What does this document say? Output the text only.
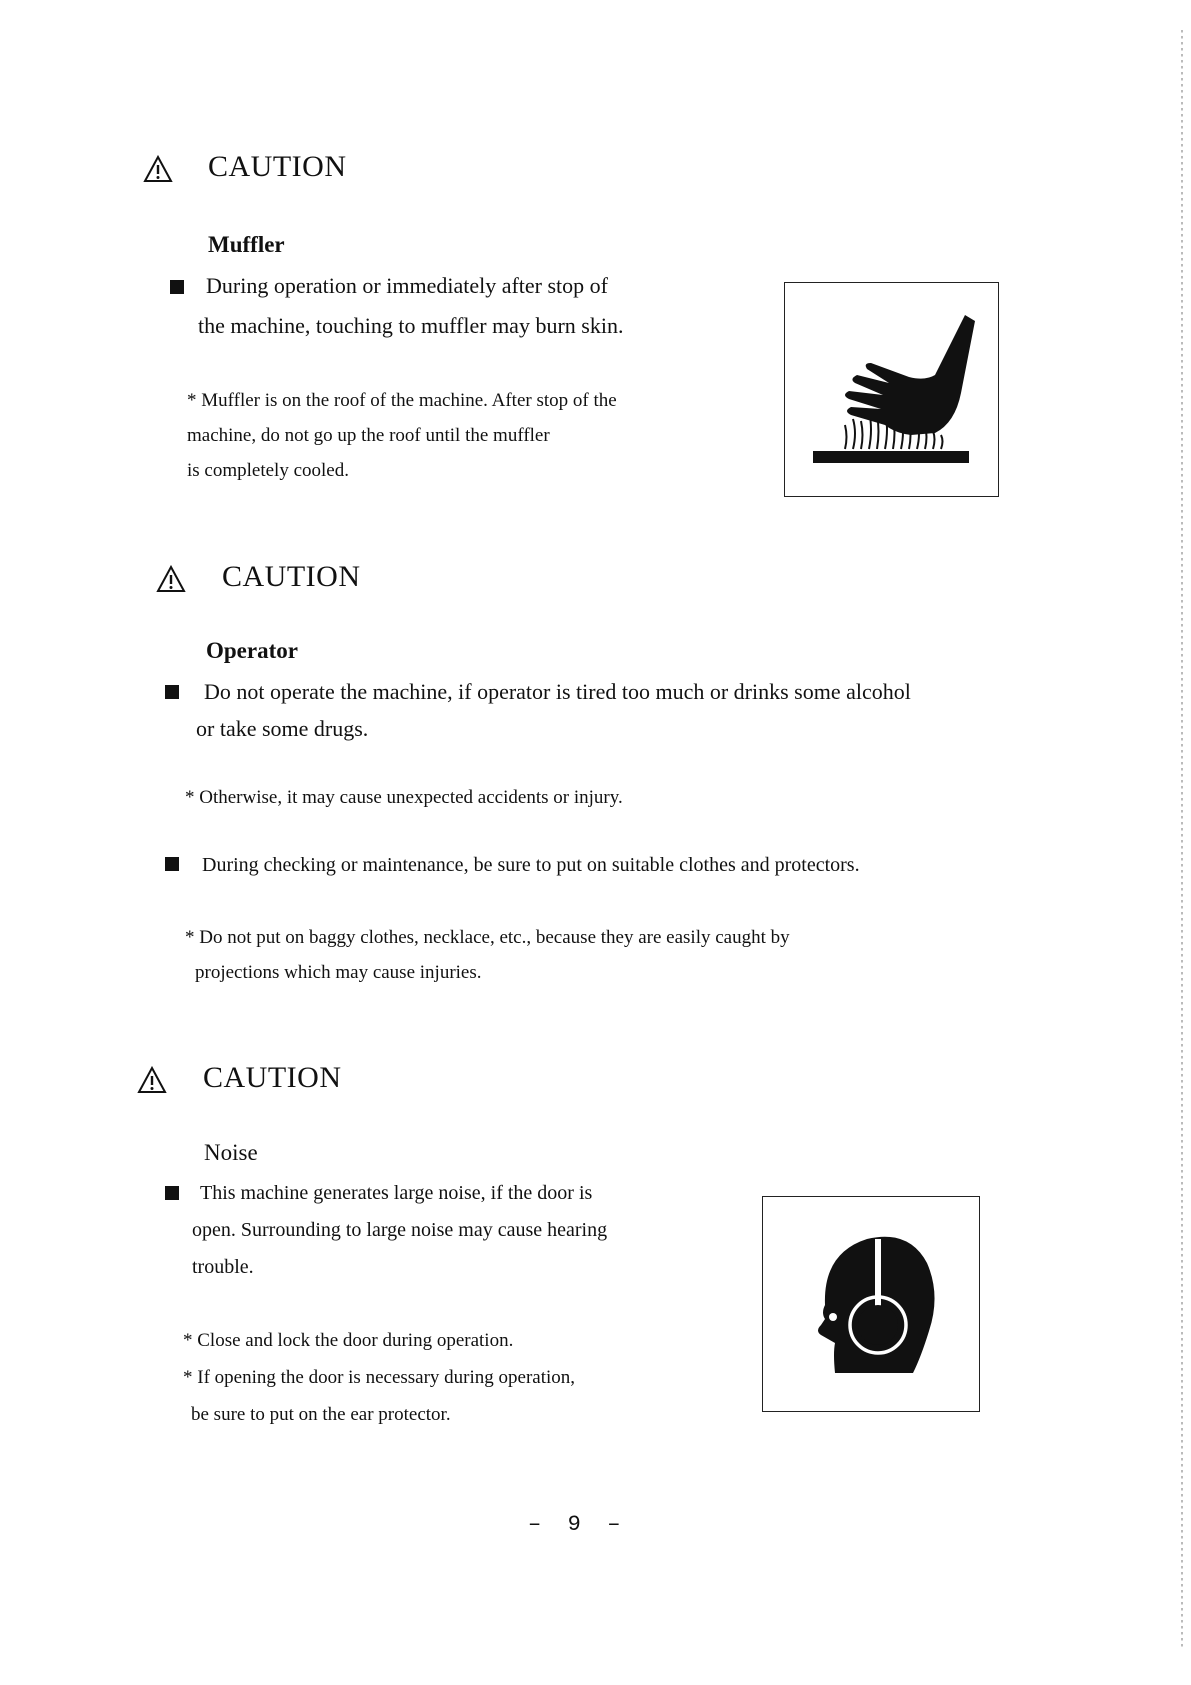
CAUTION
Muffler
During operation or immediately after stop of
the machine, touching to muffler may burn skin.
* Muffler is on the roof of the machine. After stop of the
machine, do not go up the roof until the muffler
is completely cooled.
CAUTION
Operator
Do not operate the machine, if operator is tired too much or drinks some alcohol
or take some drugs.
* Otherwise, it may cause unexpected accidents or injury.
During checking or maintenance, be sure to put on suitable clothes and protectors.
* Do not put on baggy clothes, necklace, etc., because they are easily caught by
projections which may cause injuries.
CAUTION
Noise
This machine generates large noise, if the door is
open. Surrounding to large noise may cause hearing
trouble.
* Close and lock the door during operation.
* If opening the door is necessary during operation,
be sure to put on the ear protector.
–  9  –
